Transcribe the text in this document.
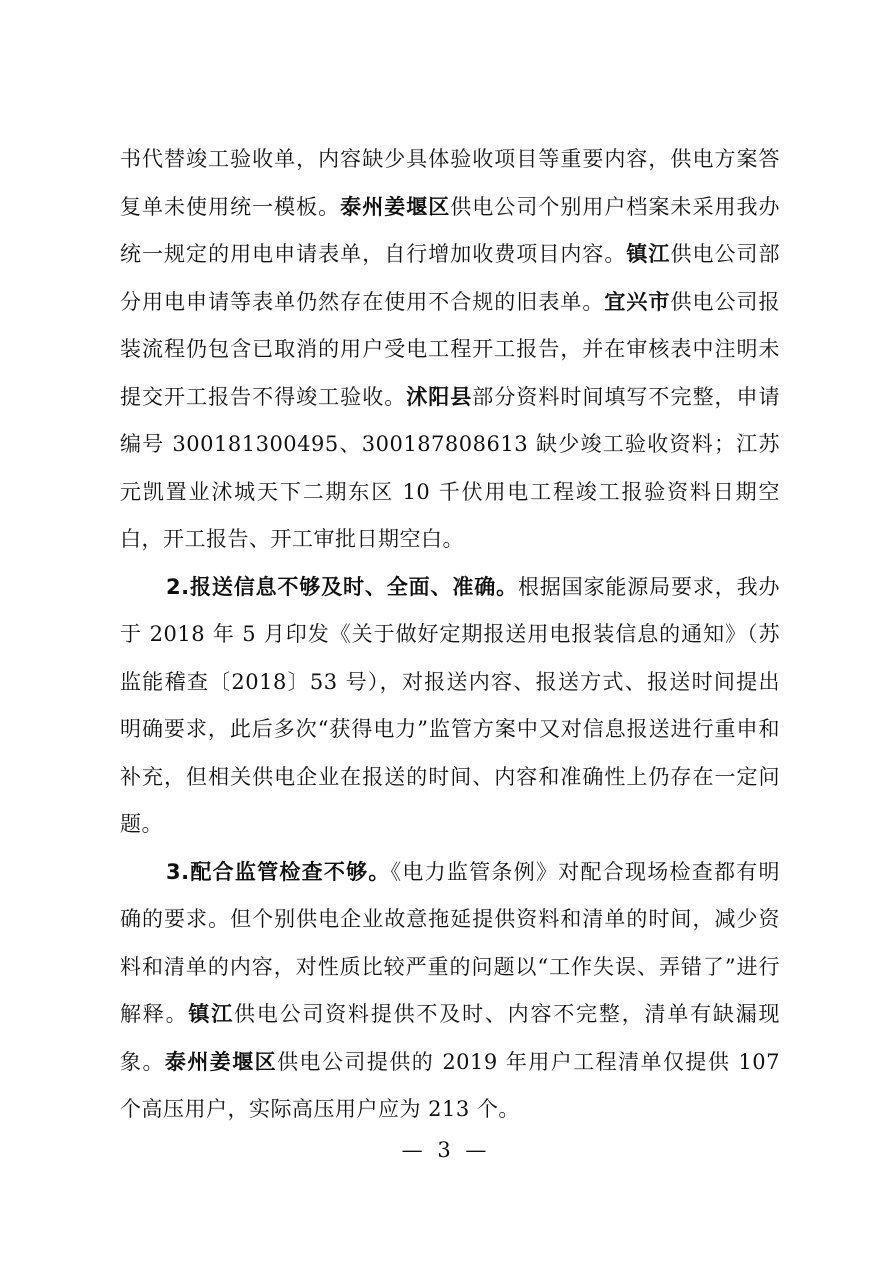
书代替竣工验收单，内容缺少具体验收项目等重要内容，供电方案答复单未使用统一模板。泰州姜堰区供电公司个别用户档案未采用我办统一规定的用电申请表单，自行增加收费项目内容。镇江供电公司部分用电申请等表单仍然存在使用不合规的旧表单。宜兴市供电公司报装流程仍包含已取消的用户受电工程开工报告，并在审核表中注明未提交开工报告不得竣工验收。沭阳县部分资料时间填写不完整，申请编号 300181300495、300187808613 缺少竣工验收资料；江苏元凯置业沭城天下二期东区 10 千伏用电工程竣工报验资料日期空白，开工报告、开工审批日期空白。

2.报送信息不够及时、全面、准确。根据国家能源局要求，我办于 2018 年 5 月印发《关于做好定期报送用电报装信息的通知》（苏监能稽查〔2018〕53 号），对报送内容、报送方式、报送时间提出明确要求，此后多次“获得电力”监管方案中又对信息报送进行重申和补充，但相关供电企业在报送的时间、内容和准确性上仍存在一定问题。

3.配合监管检查不够。《电力监管条例》对配合现场检查都有明确的要求。但个别供电企业故意拖延提供资料和清单的时间，减少资料和清单的内容，对性质比较严重的问题以“工作失误、弄错了”进行解释。镇江供电公司资料提供不及时、内容不完整，清单有缺漏现象。泰州姜堰区供电公司提供的 2019 年用户工程清单仅提供 107 个高压用户，实际高压用户应为 213 个。

— 3 —
